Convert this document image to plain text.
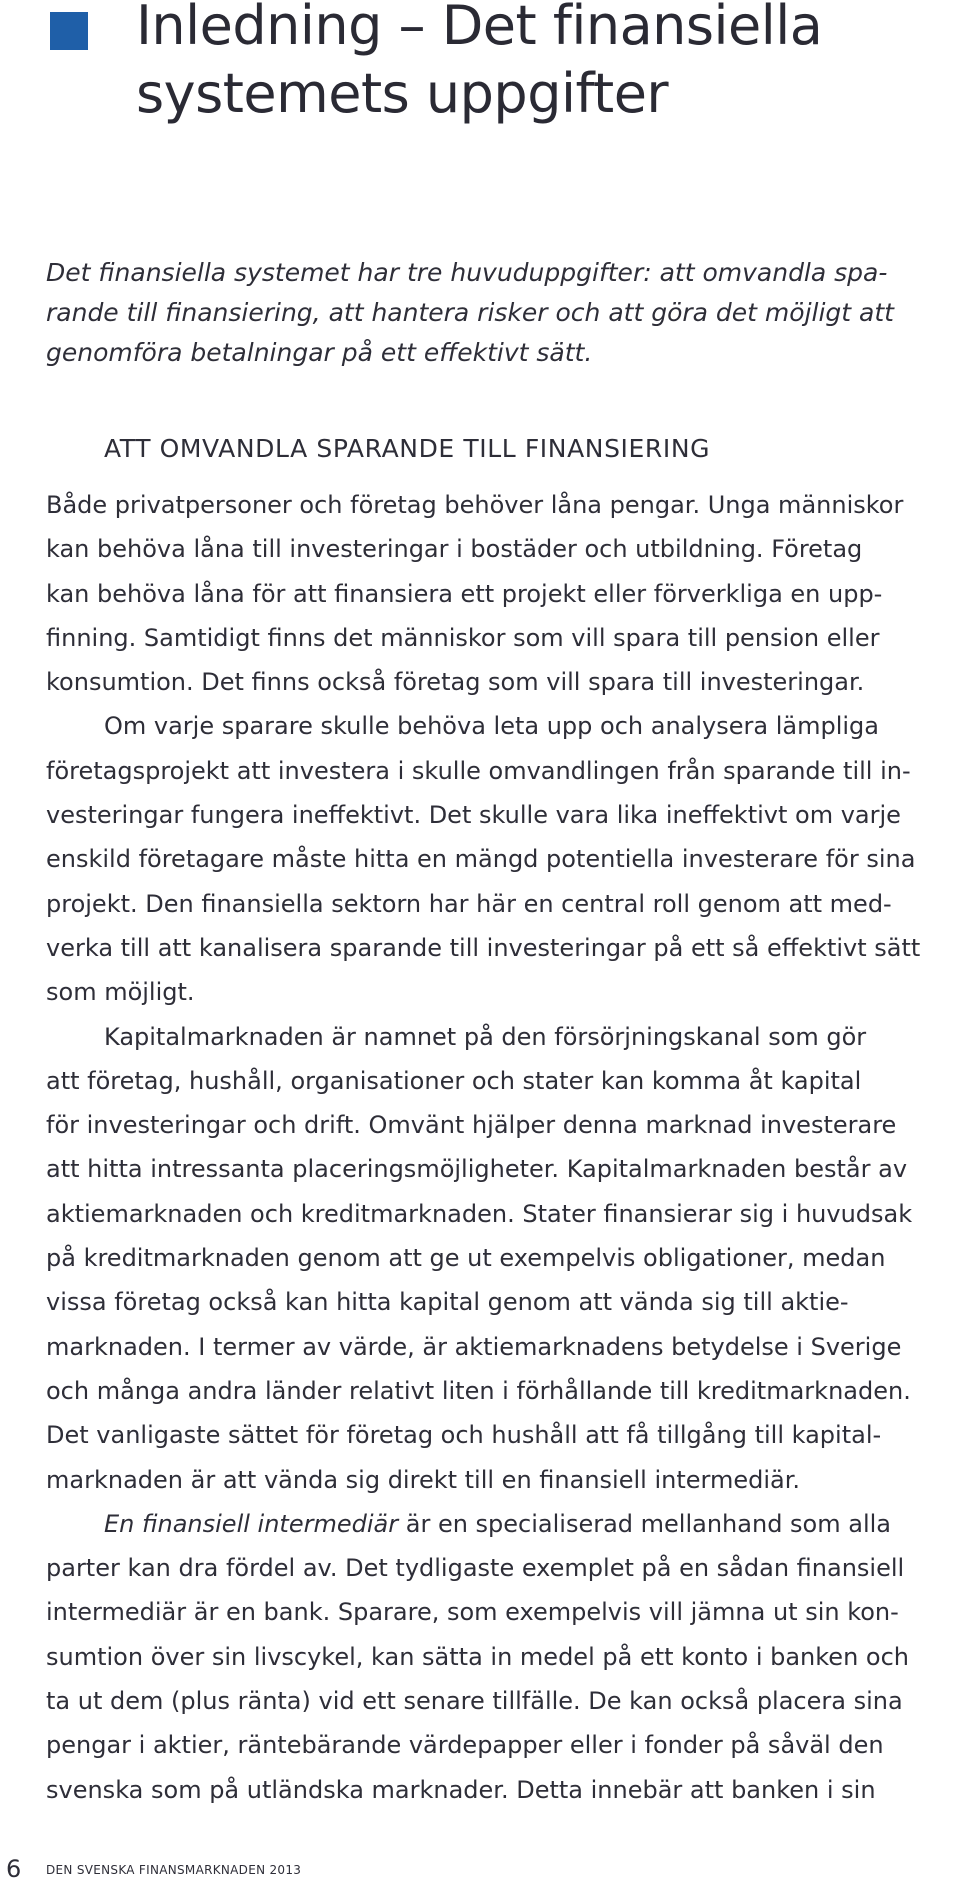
Inledning – Det finansiella
systemets uppgifter

Det finansiella systemet har tre huvuduppgifter: att omvandla spa-
rande till finansiering, att hantera risker och att göra det möjligt att
genomföra betalningar på ett effektivt sätt.

ATT OMVANDLA SPARANDE TILL FINANSIERING
Både privatpersoner och företag behöver låna pengar. Unga människor
kan behöva låna till investeringar i bostäder och utbildning. Företag
kan behöva låna för att finansiera ett projekt eller förverkliga en upp-
finning. Samtidigt finns det människor som vill spara till pension eller
konsumtion. Det finns också företag som vill spara till investeringar.
Om varje sparare skulle behöva leta upp och analysera lämpliga
företagsprojekt att investera i skulle omvandlingen från sparande till in-
vesteringar fungera ineffektivt. Det skulle vara lika ineffektivt om varje
enskild företagare måste hitta en mängd potentiella investerare för sina
projekt. Den finansiella sektorn har här en central roll genom att med-
verka till att kanalisera sparande till investeringar på ett så effektivt sätt
som möjligt.
Kapitalmarknaden är namnet på den försörjningskanal som gör
att företag, hushåll, organisationer och stater kan komma åt kapital
för investeringar och drift. Omvänt hjälper denna marknad investerare
att hitta intressanta placeringsmöjligheter. Kapitalmarknaden består av
aktiemarknaden och kreditmarknaden. Stater finansierar sig i huvudsak
på kreditmarknaden genom att ge ut exempelvis obligationer, medan
vissa företag också kan hitta kapital genom att vända sig till aktie-
marknaden. I termer av värde, är aktiemarknadens betydelse i Sverige
och många andra länder relativt liten i förhållande till kreditmarknaden.
Det vanligaste sättet för företag och hushåll att få tillgång till kapital-
marknaden är att vända sig direkt till en finansiell intermediär.
En finansiell intermediär är en specialiserad mellanhand som alla
parter kan dra fördel av. Det tydligaste exemplet på en sådan finansiell
intermediär är en bank. Sparare, som exempelvis vill jämna ut sin kon-
sumtion över sin livscykel, kan sätta in medel på ett konto i banken och
ta ut dem (plus ränta) vid ett senare tillfälle. De kan också placera sina
pengar i aktier, räntebärande värdepapper eller i fonder på såväl den
svenska som på utländska marknader. Detta innebär att banken i sin
6 DEN SVENSKA FINANSMARKNADEN 2013
